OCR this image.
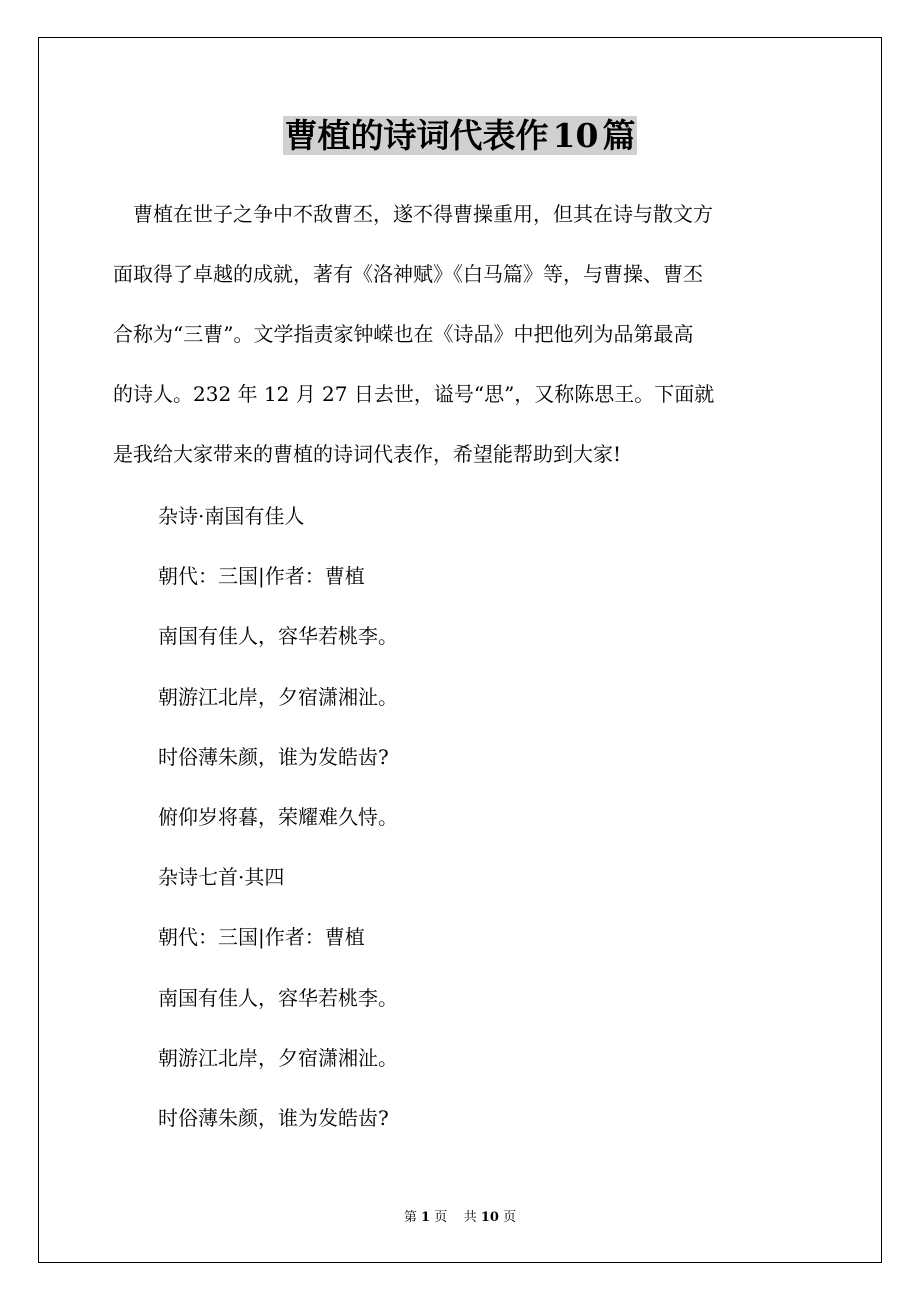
曹植的诗词代表作 10 篇
　曹植在世子之争中不敌曹丕，遂不得曹操重用，但其在诗与散文方
面取得了卓越的成就，著有《洛神赋》《白马篇》等，与曹操、曹丕
合称为“三曹”。文学指责家钟嵘也在《诗品》中把他列为品第最高
的诗人。232 年 12 月 27 日去世，谥号“思”，又称陈思王。下面就
是我给大家带来的曹植的诗词代表作，希望能帮助到大家!
杂诗·南国有佳人
朝代：三国|作者：曹植
南国有佳人，容华若桃李。
朝游江北岸，夕宿潇湘沚。
时俗薄朱颜，谁为发皓齿?
俯仰岁将暮，荣耀难久恃。
杂诗七首·其四
朝代：三国|作者：曹植
南国有佳人，容华若桃李。
朝游江北岸，夕宿潇湘沚。
时俗薄朱颜，谁为发皓齿?
第 1 页 共 10 页
